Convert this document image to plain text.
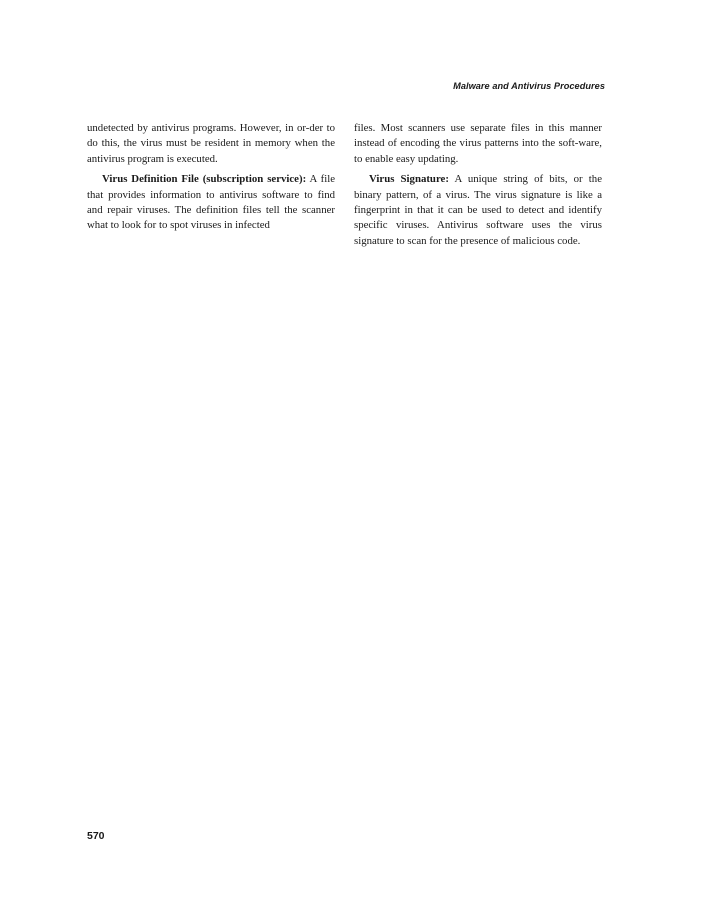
Malware and Antivirus Procedures

undetected by antivirus programs. However, in or-der to do this, the virus must be resident in memory when the antivirus program is executed.

Virus Definition File (subscription service): A file that provides information to antivirus software to find and repair viruses. The definition files tell the scanner what to look for to spot viruses in infected

files. Most scanners use separate files in this manner instead of encoding the virus patterns into the soft-ware, to enable easy updating.

Virus Signature: A unique string of bits, or the binary pattern, of a virus. The virus signature is like a fingerprint in that it can be used to detect and identify specific viruses. Antivirus software uses the virus signature to scan for the presence of malicious code.

570
